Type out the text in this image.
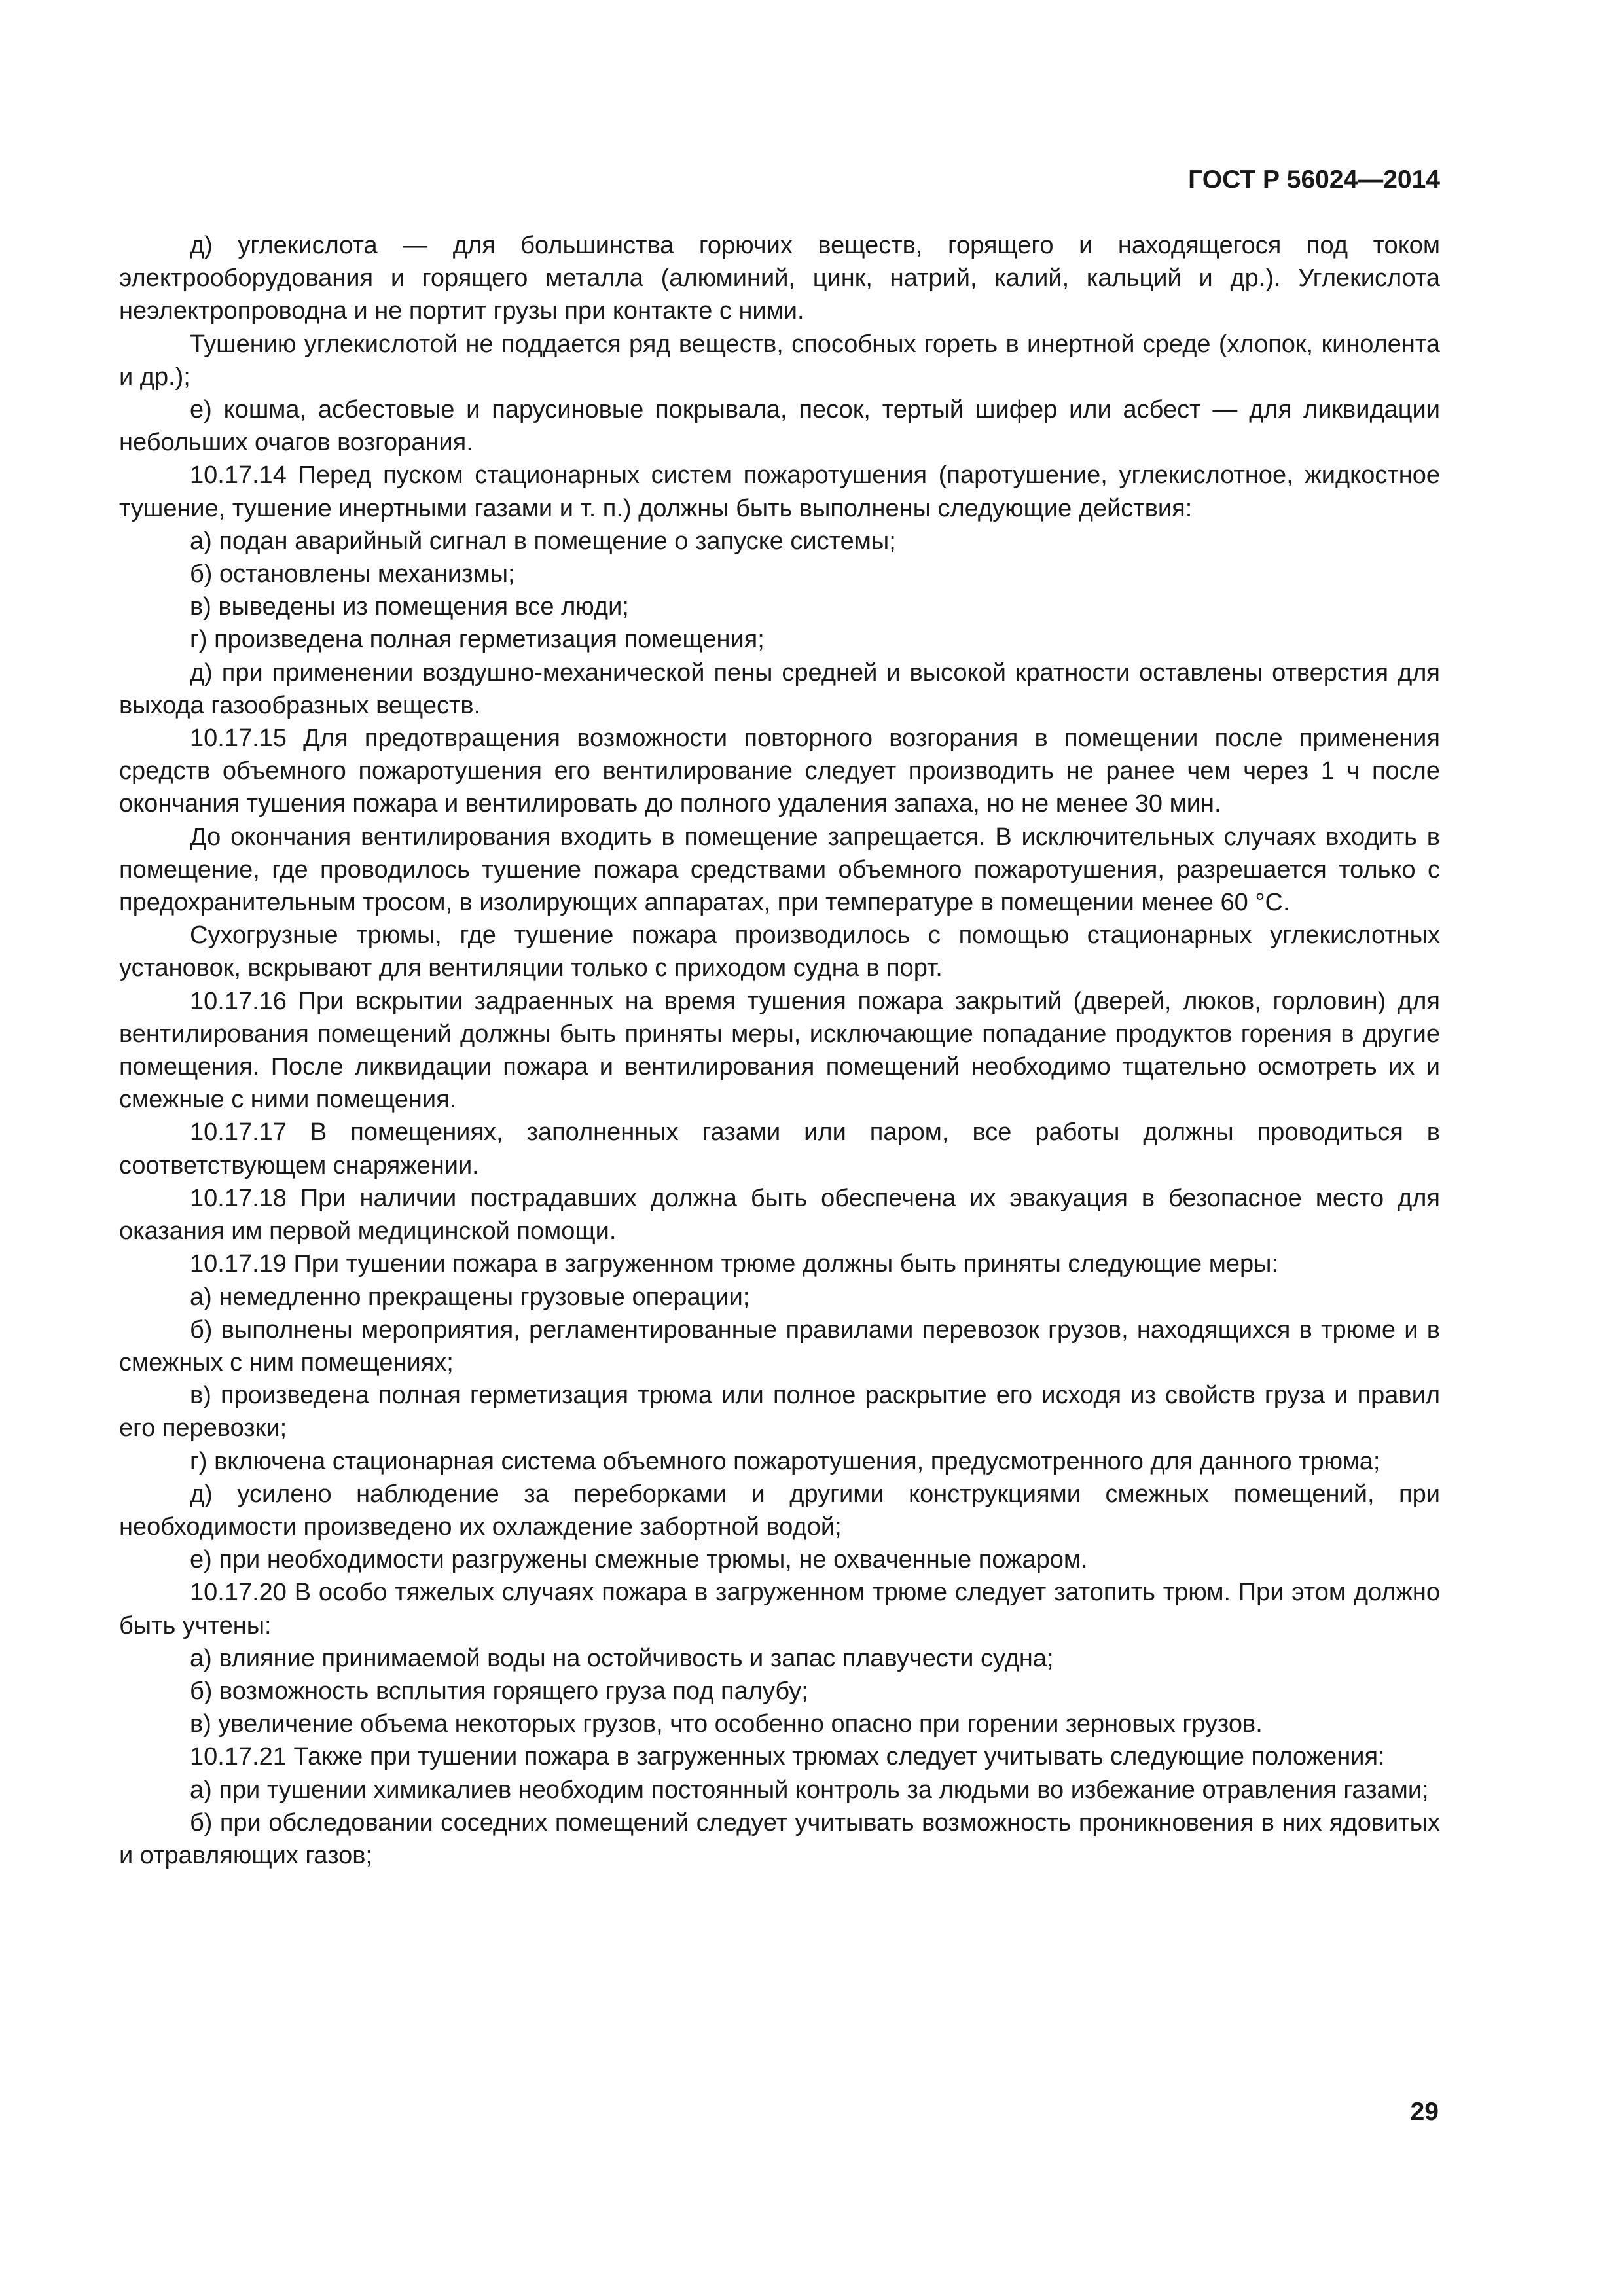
ГОСТ Р 56024—2014

д) углекислота — для большинства горючих веществ, горящего и находящегося под током электрооборудования и горящего металла (алюминий, цинк, натрий, калий, кальций и др.). Углекислота неэлектропроводна и не портит грузы при контакте с ними.

Тушению углекислотой не поддается ряд веществ, способных гореть в инертной среде (хлопок, кинолента и др.);

е) кошма, асбестовые и парусиновые покрывала, песок, тертый шифер или асбест — для ликвидации небольших очагов возгорания.

10.17.14 Перед пуском стационарных систем пожаротушения (паротушение, углекислотное, жидкостное тушение, тушение инертными газами и т. п.) должны быть выполнены следующие действия:

а) подан аварийный сигнал в помещение о запуске системы;

б) остановлены механизмы;

в) выведены из помещения все люди;

г) произведена полная герметизация помещения;

д) при применении воздушно-механической пены средней и высокой кратности оставлены отверстия для выхода газообразных веществ.

10.17.15 Для предотвращения возможности повторного возгорания в помещении после применения средств объемного пожаротушения его вентилирование следует производить не ранее чем через 1 ч после окончания тушения пожара и вентилировать до полного удаления запаха, но не менее 30 мин.

До окончания вентилирования входить в помещение запрещается. В исключительных случаях входить в помещение, где проводилось тушение пожара средствами объемного пожаротушения, разрешается только с предохранительным тросом, в изолирующих аппаратах, при температуре в помещении менее 60 °С.

Сухогрузные трюмы, где тушение пожара производилось с помощью стационарных углекислотных установок, вскрывают для вентиляции только с приходом судна в порт.

10.17.16 При вскрытии задраенных на время тушения пожара закрытий (дверей, люков, горловин) для вентилирования помещений должны быть приняты меры, исключающие попадание продуктов горения в другие помещения. После ликвидации пожара и вентилирования помещений необходимо тщательно осмотреть их и смежные с ними помещения.

10.17.17 В помещениях, заполненных газами или паром, все работы должны проводиться в соответствующем снаряжении.

10.17.18 При наличии пострадавших должна быть обеспечена их эвакуация в безопасное место для оказания им первой медицинской помощи.

10.17.19 При тушении пожара в загруженном трюме должны быть приняты следующие меры:

а) немедленно прекращены грузовые операции;

б) выполнены мероприятия, регламентированные правилами перевозок грузов, находящихся в трюме и в смежных с ним помещениях;

в) произведена полная герметизация трюма или полное раскрытие его исходя из свойств груза и правил его перевозки;

г) включена стационарная система объемного пожаротушения, предусмотренного для данного трюма;

д) усилено наблюдение за переборками и другими конструкциями смежных помещений, при необходимости произведено их охлаждение забортной водой;

е) при необходимости разгружены смежные трюмы, не охваченные пожаром.

10.17.20 В особо тяжелых случаях пожара в загруженном трюме следует затопить трюм. При этом должно быть учтены:

а) влияние принимаемой воды на остойчивость и запас плавучести судна;

б) возможность всплытия горящего груза под палубу;

в) увеличение объема некоторых грузов, что особенно опасно при горении зерновых грузов.

10.17.21 Также при тушении пожара в загруженных трюмах следует учитывать следующие положения:

а) при тушении химикалиев необходим постоянный контроль за людьми во избежание отравления газами;

б) при обследовании соседних помещений следует учитывать возможность проникновения в них ядовитых и отравляющих газов;

29
